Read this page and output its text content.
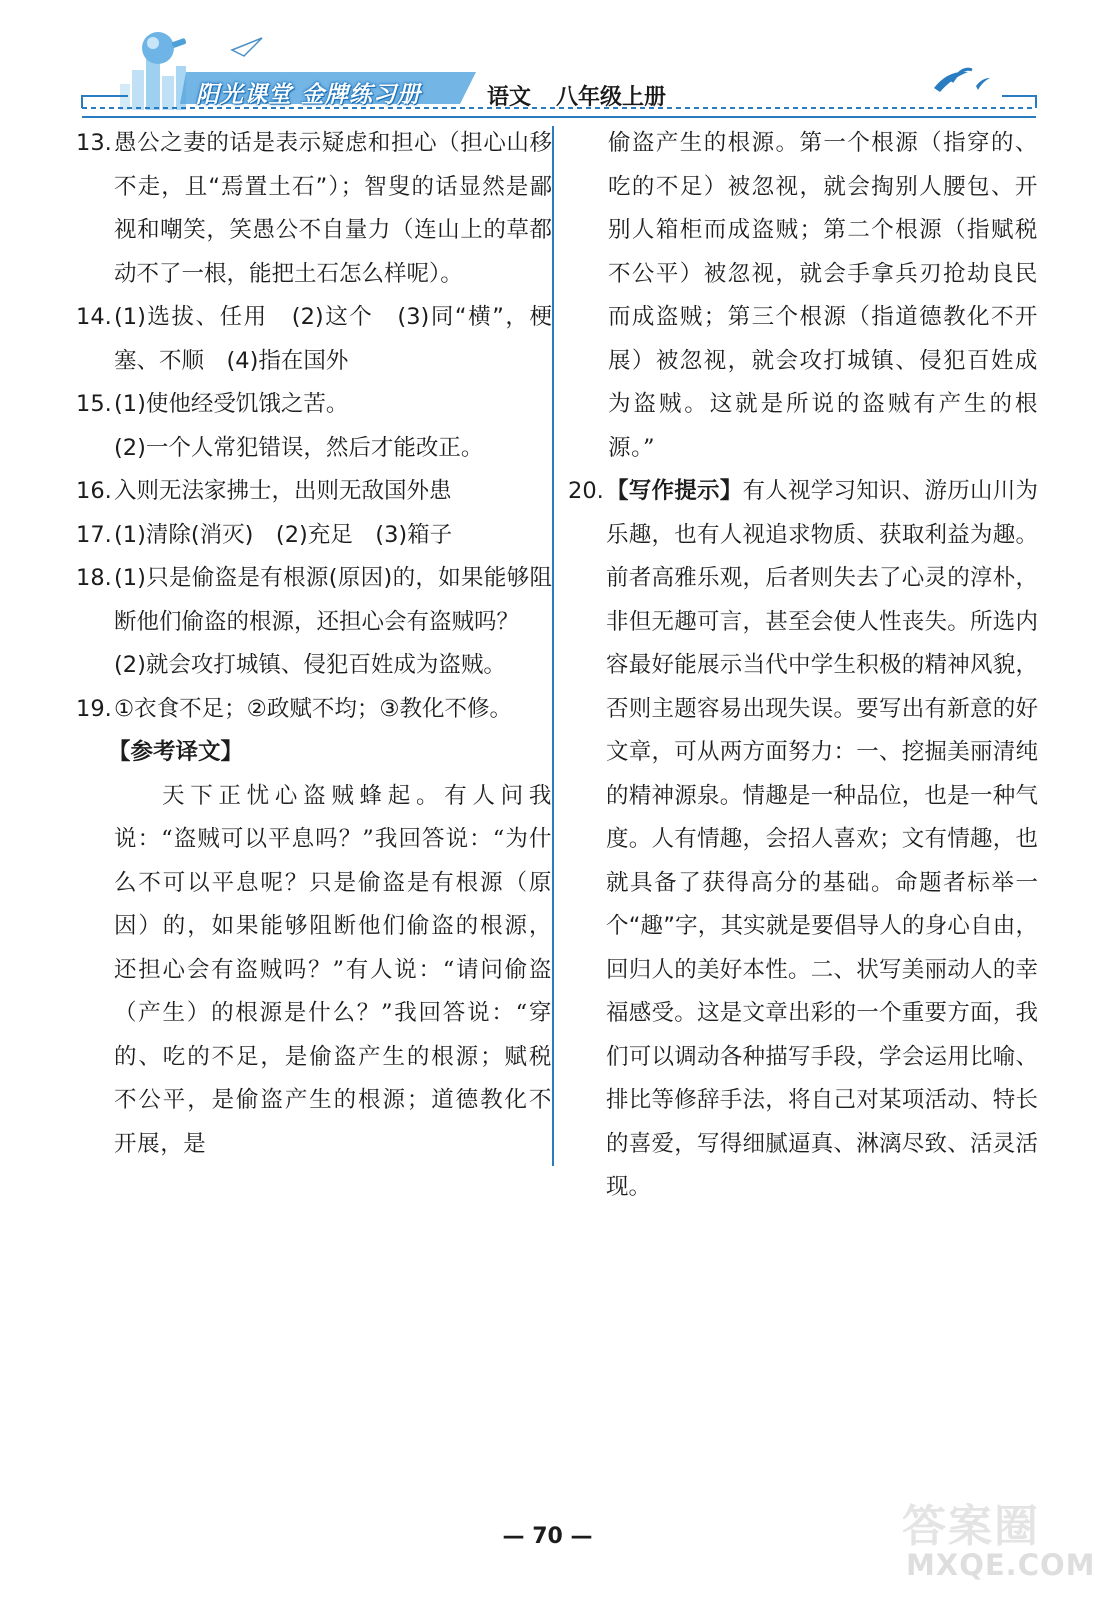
阳光课堂 金牌练习册	语文 八年级上册
13. 愚公之妻的话是表示疑虑和担心（担心山移不走，且“焉置土石”）；智叟的话显然是鄙视和嘲笑，笑愚公不自量力（连山上的草都动不了一根，能把土石怎么样呢）。
14. (1)选拔、任用　(2)这个　(3)同“横”，梗塞、不顺　(4)指在国外
15. (1)使他经受饥饿之苦。
(2)一个人常犯错误，然后才能改正。
16. 入则无法家拂士，出则无敌国外患
17. (1)清除(消灭)　(2)充足　(3)箱子
18. (1)只是偷盗是有根源(原因)的，如果能够阻断他们偷盗的根源，还担心会有盗贼吗？
(2)就会攻打城镇、侵犯百姓成为盗贼。
19. ①衣食不足；②政赋不均；③教化不修。
【参考译文】
天下正忧心盗贼蜂起。有人问我说：“盗贼可以平息吗？”我回答说：“为什么不可以平息呢？只是偷盗是有根源（原因）的，如果能够阻断他们偷盗的根源，还担心会有盗贼吗？”有人说：“请问偷盗（产生）的根源是什么？”我回答说：“穿的、吃的不足，是偷盗产生的根源；赋税不公平，是偷盗产生的根源；道德教化不开展，是
偷盗产生的根源。第一个根源（指穿的、吃的不足）被忽视，就会掏别人腰包、开别人箱柜而成盗贼；第二个根源（指赋税不公平）被忽视，就会手拿兵刃抢劫良民而成盗贼；第三个根源（指道德教化不开展）被忽视，就会攻打城镇、侵犯百姓成为盗贼。这就是所说的盗贼有产生的根源。”
20. 【写作提示】有人视学习知识、游历山川为乐趣，也有人视追求物质、获取利益为趣。前者高雅乐观，后者则失去了心灵的淳朴，非但无趣可言，甚至会使人性丧失。所选内容最好能展示当代中学生积极的精神风貌，否则主题容易出现失误。要写出有新意的好文章，可从两方面努力：一、挖掘美丽清纯的精神源泉。情趣是一种品位，也是一种气度。人有情趣，会招人喜欢；文有情趣，也就具备了获得高分的基础。命题者标举一个“趣”字，其实就是要倡导人的身心自由，回归人的美好本性。二、状写美丽动人的幸福感受。这是文章出彩的一个重要方面，我们可以调动各种描写手段，学会运用比喻、排比等修辞手法，将自己对某项活动、特长的喜爱，写得细腻逼真、淋漓尽致、活灵活现。
— 70 —	答案圈
MXQE.COM
